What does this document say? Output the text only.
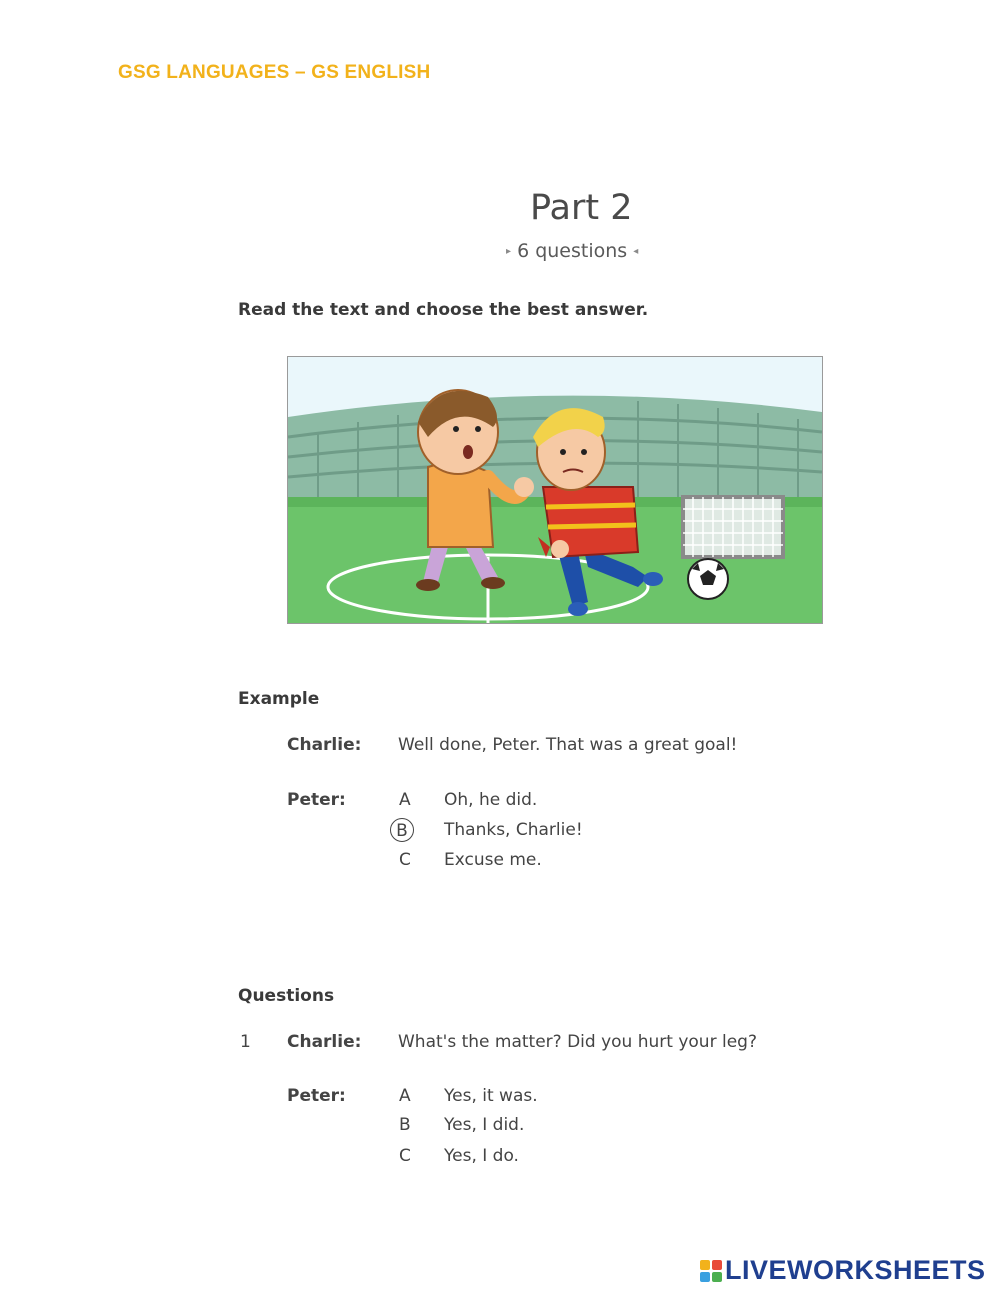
GSG LANGUAGES – GS ENGLISH
Part 2
▸ 6 questions ◂
Read the text and choose the best answer.
Example
Charlie: Well done, Peter. That was a great goal!
Peter:	A Oh, he did.
B	Thanks, Charlie!
C Excuse me.
Questions
1 Charlie: What's the matter? Did you hurt your leg?
Peter:	A Yes, it was.
B Yes, I did.
C Yes, I do.
LIVEWORKSHEETS
